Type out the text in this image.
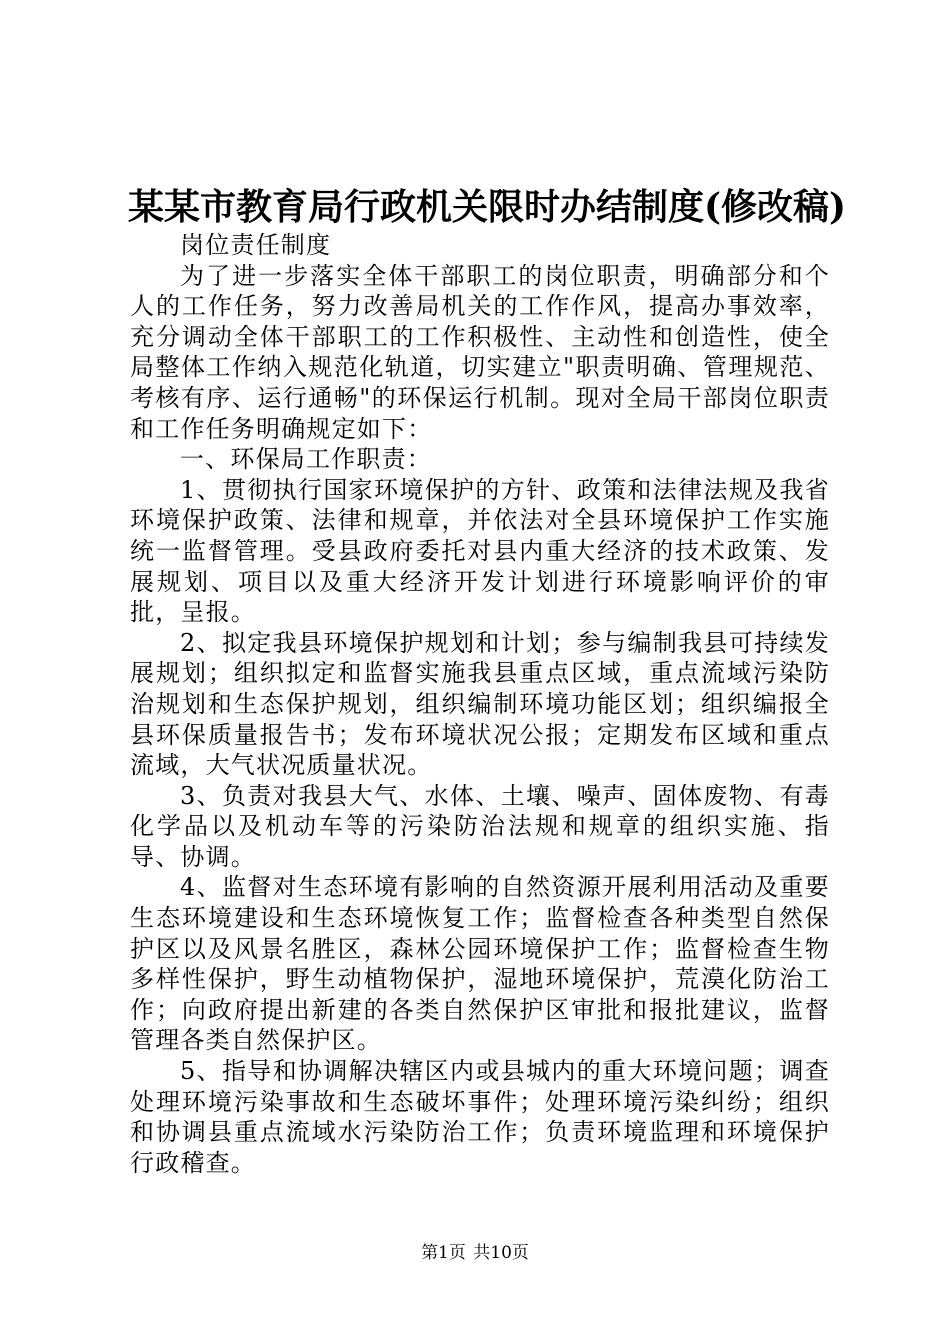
某某市教育局行政机关限时办结制度(修改稿)

岗位责任制度

为了进一步落实全体干部职工的岗位职责，明确部分和个人的工作任务，努力改善局机关的工作作风，提高办事效率，充分调动全体干部职工的工作积极性、主动性和创造性，使全局整体工作纳入规范化轨道，切实建立"职责明确、管理规范、考核有序、运行通畅"的环保运行机制。现对全局干部岗位职责和工作任务明确规定如下：

一、环保局工作职责：

1、贯彻执行国家环境保护的方针、政策和法律法规及我省环境保护政策、法律和规章，并依法对全县环境保护工作实施统一监督管理。受县政府委托对县内重大经济的技术政策、发展规划、项目以及重大经济开发计划进行环境影响评价的审批，呈报。

2、拟定我县环境保护规划和计划；参与编制我县可持续发展规划；组织拟定和监督实施我县重点区域，重点流域污染防治规划和生态保护规划，组织编制环境功能区划；组织编报全县环保质量报告书；发布环境状况公报；定期发布区域和重点流域，大气状况质量状况。

3、负责对我县大气、水体、土壤、噪声、固体废物、有毒化学品以及机动车等的污染防治法规和规章的组织实施、指导、协调。

4、监督对生态环境有影响的自然资源开展利用活动及重要生态环境建设和生态环境恢复工作；监督检查各种类型自然保护区以及风景名胜区，森林公园环境保护工作；监督检查生物多样性保护，野生动植物保护，湿地环境保护，荒漠化防治工作；向政府提出新建的各类自然保护区审批和报批建议，监督管理各类自然保护区。

5、指导和协调解决辖区内或县城内的重大环境问题；调查处理环境污染事故和生态破坏事件；处理环境污染纠纷；组织和协调县重点流域水污染防治工作；负责环境监理和环境保护行政稽查。

第1页 共10页
